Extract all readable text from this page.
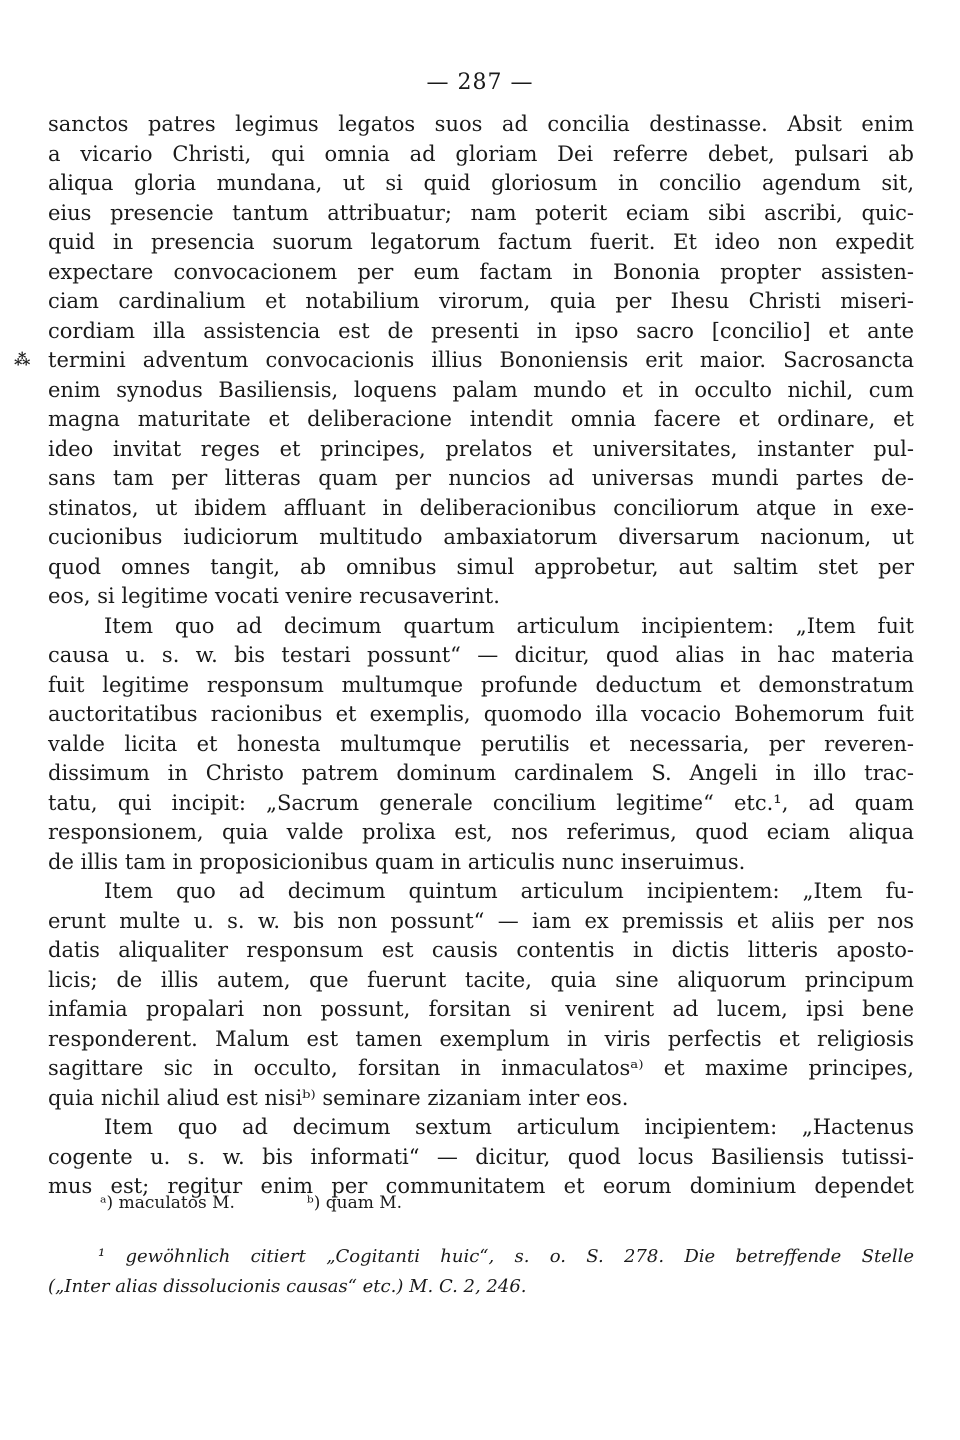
— 287 —
⁂
sanctos patres legimus legatos suos ad concilia destinasse. Absit enim
a vicario Christi, qui omnia ad gloriam Dei referre debet, pulsari ab
aliqua gloria mundana, ut si quid gloriosum in concilio agendum sit,
eius presencie tantum attribuatur; nam poterit eciam sibi ascribi, quic-
quid in presencia suorum legatorum factum fuerit. Et ideo non expedit
expectare convocacionem per eum factam in Bononia propter assisten-
ciam cardinalium et notabilium virorum, quia per Ihesu Christi miseri-
cordiam illa assistencia est de presenti in ipso sacro [concilio] et ante
termini adventum convocacionis illius Bononiensis erit maior. Sacrosancta
enim synodus Basiliensis, loquens palam mundo et in occulto nichil, cum
magna maturitate et deliberacione intendit omnia facere et ordinare, et
ideo invitat reges et principes, prelatos et universitates, instanter pul-
sans tam per litteras quam per nuncios ad universas mundi partes de-
stinatos, ut ibidem affluant in deliberacionibus conciliorum atque in exe-
cucionibus iudiciorum multitudo ambaxiatorum diversarum nacionum, ut
quod omnes tangit, ab omnibus simul approbetur, aut saltim stet per
eos, si legitime vocati venire recusaverint.
Item quo ad decimum quartum articulum incipientem: „Item fuit
causa u. s. w. bis testari possunt“ — dicitur, quod alias in hac materia
fuit legitime responsum multumque profunde deductum et demonstratum
auctoritatibus racionibus et exemplis, quomodo illa vocacio Bohemorum fuit
valde licita et honesta multumque perutilis et necessaria, per reveren-
dissimum in Christo patrem dominum cardinalem S. Angeli in illo trac-
tatu, qui incipit: „Sacrum generale concilium legitime“ etc.¹, ad quam
responsionem, quia valde prolixa est, nos referimus, quod eciam aliqua
de illis tam in proposicionibus quam in articulis nunc inseruimus.
Item quo ad decimum quintum articulum incipientem: „Item fu-
erunt multe u. s. w. bis non possunt“ — iam ex premissis et aliis per nos
datis aliqualiter responsum est causis contentis in dictis litteris aposto-
licis; de illis autem, que fuerunt tacite, quia sine aliquorum principum
infamia propalari non possunt, forsitan si venirent ad lucem, ipsi bene
responderent. Malum est tamen exemplum in viris perfectis et religiosis
sagittare sic in occulto, forsitan in inmaculatosᵃ⁾ et maxime principes,
quia nichil aliud est nisiᵇ⁾ seminare zizaniam inter eos.
Item quo ad decimum sextum articulum incipientem: „Hactenus
cogente u. s. w. bis informati“ — dicitur, quod locus Basiliensis tutissi-
mus est; regitur enim per communitatem et eorum dominium dependet
ᵃ) maculatos M.	ᵇ) quam M.
¹ gewöhnlich citiert „Cogitanti huic“, s. o. S. 278. Die betreffende Stelle
(„Inter alias dissolucionis causas“ etc.) M. C. 2, 246.
